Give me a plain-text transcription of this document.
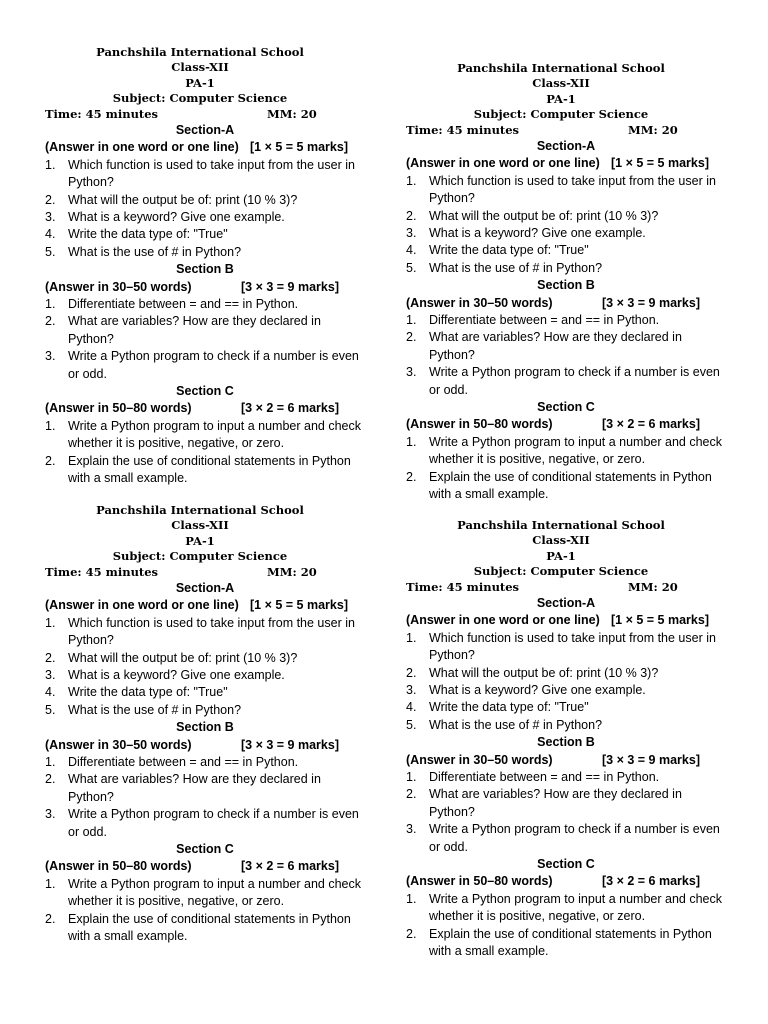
Panchshila International School
Class-XII
PA-1
Subject: Computer Science
Time: 45 minutes	MM: 20
Section-A
(Answer in one word or one line) [1 × 5 = 5 marks]
1. Which function is used to take input from the user in Python?
2. What will the output be of: print (10 % 3)?
3. What is a keyword? Give one example.
4. Write the data type of: "True"
5. What is the use of # in Python?
Section B
(Answer in 30–50 words)	[3 × 3 = 9 marks]
1. Differentiate between = and == in Python.
2. What are variables? How are they declared in Python?
3. Write a Python program to check if a number is even or odd.
Section C
(Answer in 50–80 words)	[3 × 2 = 6 marks]
1. Write a Python program to input a number and check whether it is positive, negative, or zero.
2. Explain the use of conditional statements in Python with a small example.
Panchshila International School
Class-XII
PA-1
Subject: Computer Science
Time: 45 minutes	MM: 20
Section-A
(Answer in one word or one line) [1 × 5 = 5 marks]
1. Which function is used to take input from the user in Python?
2. What will the output be of: print (10 % 3)?
3. What is a keyword? Give one example.
4. Write the data type of: "True"
5. What is the use of # in Python?
Section B
(Answer in 30–50 words)	[3 × 3 = 9 marks]
1. Differentiate between = and == in Python.
2. What are variables? How are they declared in Python?
3. Write a Python program to check if a number is even or odd.
Section C
(Answer in 50–80 words)	[3 × 2 = 6 marks]
1. Write a Python program to input a number and check whether it is positive, negative, or zero.
2. Explain the use of conditional statements in Python with a small example.
Panchshila International School
Class-XII
PA-1
Subject: Computer Science
Time: 45 minutes	MM: 20
Section-A
(Answer in one word or one line) [1 × 5 = 5 marks]
1. Which function is used to take input from the user in Python?
2. What will the output be of: print (10 % 3)?
3. What is a keyword? Give one example.
4. Write the data type of: "True"
5. What is the use of # in Python?
Section B
(Answer in 30–50 words)	[3 × 3 = 9 marks]
1. Differentiate between = and == in Python.
2. What are variables? How are they declared in Python?
3. Write a Python program to check if a number is even or odd.
Section C
(Answer in 50–80 words)	[3 × 2 = 6 marks]
1. Write a Python program to input a number and check whether it is positive, negative, or zero.
2. Explain the use of conditional statements in Python with a small example.
Panchshila International School
Class-XII
PA-1
Subject: Computer Science
Time: 45 minutes	MM: 20
Section-A
(Answer in one word or one line) [1 × 5 = 5 marks]
1. Which function is used to take input from the user in Python?
2. What will the output be of: print (10 % 3)?
3. What is a keyword? Give one example.
4. Write the data type of: "True"
5. What is the use of # in Python?
Section B
(Answer in 30–50 words)	[3 × 3 = 9 marks]
1. Differentiate between = and == in Python.
2. What are variables? How are they declared in Python?
3. Write a Python program to check if a number is even or odd.
Section C
(Answer in 50–80 words)	[3 × 2 = 6 marks]
1. Write a Python program to input a number and check whether it is positive, negative, or zero.
2. Explain the use of conditional statements in Python with a small example.
